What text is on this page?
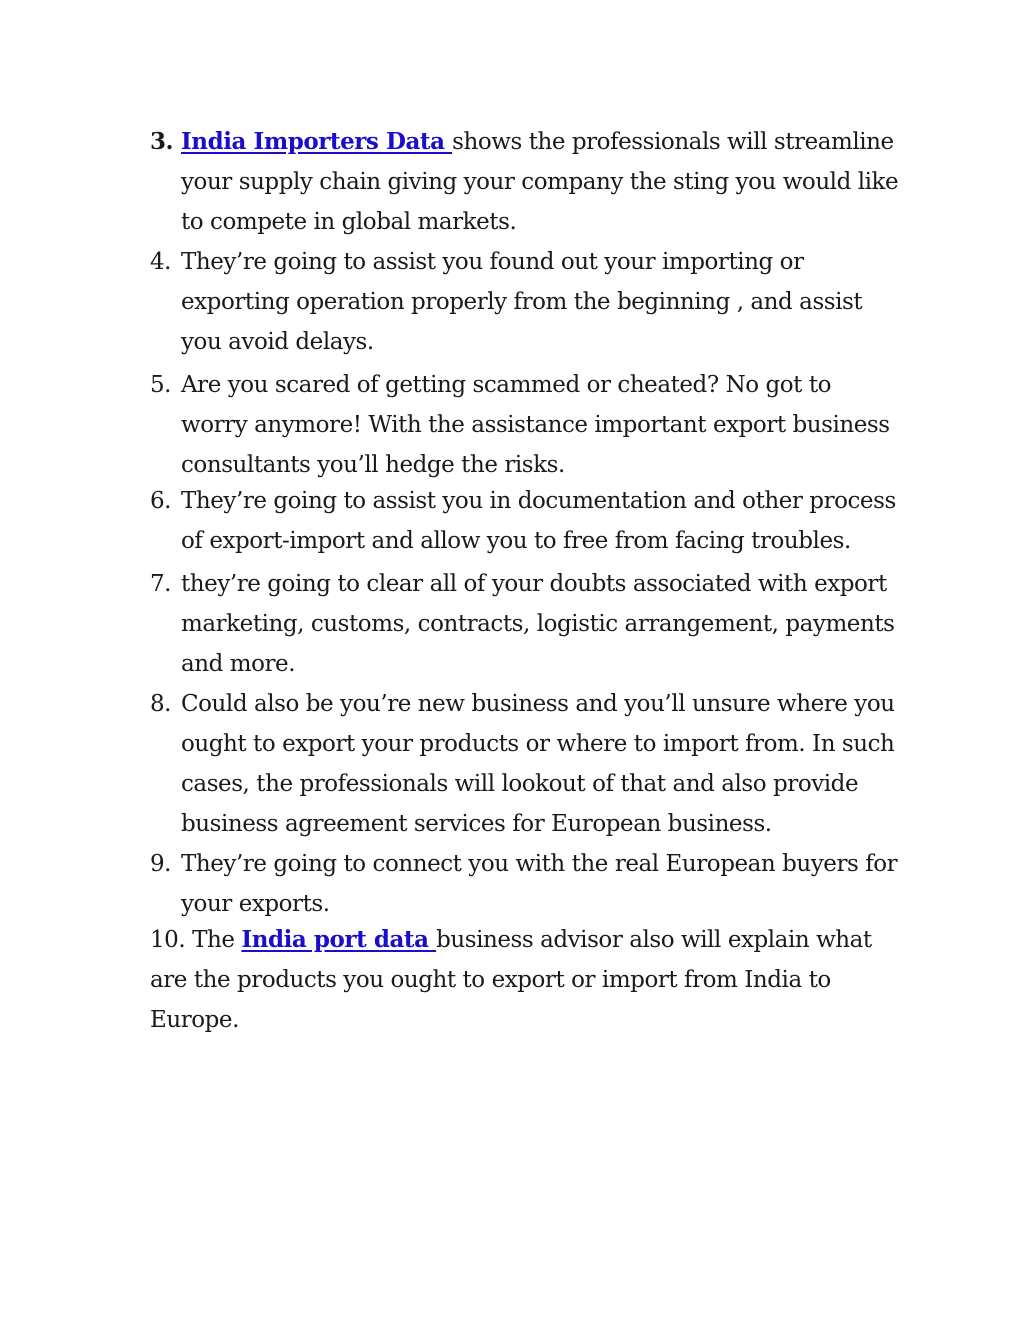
3. India Importers Data shows the professionals will streamline your supply chain giving your company the sting you would like to compete in global markets.
4. They’re going to assist you found out your importing or exporting operation properly from the beginning , and assist you avoid delays.
5. Are you scared of getting scammed or cheated? No got to worry anymore! With the assistance important export business consultants you’ll hedge the risks.
6. They’re going to assist you in documentation and other process of export-import and allow you to free from facing troubles.
7. they’re going to clear all of your doubts associated with export marketing, customs, contracts, logistic arrangement, payments and more.
8. Could also be you’re new business and you’ll unsure where you ought to export your products or where to import from. In such cases, the professionals will lookout of that and also provide business agreement services for European business.
9. They’re going to connect you with the real European buyers for your exports.
10. The India port data business advisor also will explain what are the products you ought to export or import from India to Europe.
